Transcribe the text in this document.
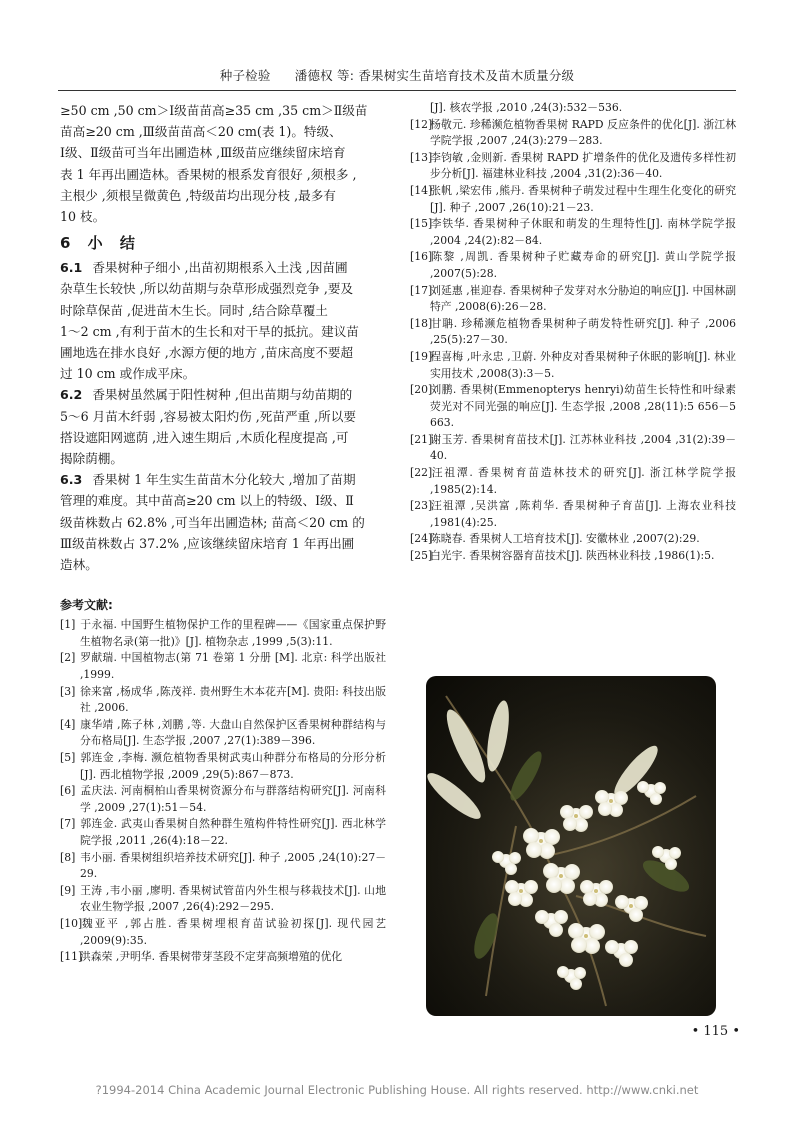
种子检验 潘德权 等: 香果树实生苗培育技术及苗木质量分级

≥50 cm ,50 cm＞Ⅰ级苗苗高≥35 cm ,35 cm＞Ⅱ级苗

苗高≥20 cm ,Ⅲ级苗苗高＜20 cm(表 1)。特级、

Ⅰ级、Ⅱ级苗可当年出圃造林 ,Ⅲ级苗应继续留床培育

表 1 年再出圃造林。香果树的根系发育很好 ,须根多 ,

主根少 ,须根呈微黄色 ,特级苗均出现分枝 ,最多有

10 枝。

6 小 结

6.1 香果树种子细小 ,出苗初期根系入土浅 ,因苗圃

杂草生长较快 ,所以幼苗期与杂草形成强烈竞争 ,要及

时除草保苗 ,促进苗木生长。同时 ,结合除草覆土

1～2 cm ,有利于苗木的生长和对干旱的抵抗。建议苗

圃地选在排水良好 ,水源方便的地方 ,苗床高度不要超

过 10 cm 或作成平床。

6.2 香果树虽然属于阳性树种 ,但出苗期与幼苗期的

5～6 月苗木纤弱 ,容易被太阳灼伤 ,死苗严重 ,所以要

搭设遮阳网遮荫 ,进入速生期后 ,木质化程度提高 ,可

揭除荫棚。

6.3 香果树 1 年生实生苗苗木分化较大 ,增加了苗期

管理的难度。其中苗高≥20 cm 以上的特级、Ⅰ级、Ⅱ

级苗株数占 62.8% ,可当年出圃造林; 苗高＜20 cm 的

Ⅲ级苗株数占 37.2% ,应该继续留床培育 1 年再出圃

造林。

参考文献:

[1] 于永福. 中国野生植物保护工作的里程碑——《国家重点保护野生植物名录(第一批)》[J]. 植物杂志 ,1999 ,5(3):11.

[2] 罗献瑞. 中国植物志(第 71 卷第 1 分册 [M]. 北京: 科学出版社 ,1999.

[3] 徐来富 ,杨成华 ,陈茂祥. 贵州野生木本花卉[M]. 贵阳: 科技出版社 ,2006.

[4] 康华靖 ,陈子林 ,刘鹏 ,等. 大盘山自然保护区香果树种群结构与分布格局[J]. 生态学报 ,2007 ,27(1):389－396.

[5] 郭连金 ,李梅. 濒危植物香果树武夷山种群分布格局的分形分析[J]. 西北植物学报 ,2009 ,29(5):867－873.

[6] 孟庆法. 河南桐柏山香果树资源分布与群落结构研究[J]. 河南科学 ,2009 ,27(1):51－54.

[7] 郭连金. 武夷山香果树自然种群生殖构件特性研究[J]. 西北林学院学报 ,2011 ,26(4):18－22.

[8] 韦小丽. 香果树组织培养技术研究[J]. 种子 ,2005 ,24(10):27－29.

[9] 王涛 ,韦小丽 ,廖明. 香果树试管苗内外生根与移栽技术[J]. 山地农业生物学报 ,2007 ,26(4):292－295.

[10]魏亚平 ,郭占胜. 香果树埋根育苗试验初探[J]. 现代园艺 ,2009(9):35.

[11]洪森荣 ,尹明华. 香果树带芽茎段不定芽高频增殖的优化

[J]. 核农学报 ,2010 ,24(3):532－536.

[12]杨敬元. 珍稀濒危植物香果树 RAPD 反应条件的优化[J]. 浙江林学院学报 ,2007 ,24(3):279－283.

[13]李钧敏 ,金则新. 香果树 RAPD 扩增条件的优化及遗传多样性初步分析[J]. 福建林业科技 ,2004 ,31(2):36－40.

[14]张帆 ,梁宏伟 ,熊丹. 香果树种子萌发过程中生理生化变化的研究[J]. 种子 ,2007 ,26(10):21－23.

[15]李铁华. 香果树种子休眠和萌发的生理特性[J]. 南林学院学报 ,2004 ,24(2):82－84.

[16]陈黎 ,周凯. 香果树种子贮藏寿命的研究[J]. 黄山学院学报 ,2007(5):28.

[17]刘延惠 ,崔迎春. 香果树种子发芽对水分胁迫的响应[J]. 中国林副特产 ,2008(6):26－28.

[18]甘聃. 珍稀濒危植物香果树种子萌发特性研究[J]. 种子 ,2006 ,25(5):27－30.

[19]程喜梅 ,叶永忠 ,卫蔚. 外种皮对香果树种子休眠的影响[J]. 林业实用技术 ,2008(3):3－5.

[20]刘鹏. 香果树(Emmenopterys henryi)幼苗生长特性和叶绿素荧光对不同光强的响应[J]. 生态学报 ,2008 ,28(11):5 656－5 663.

[21]谢玉芳. 香果树育苗技术[J]. 江苏林业科技 ,2004 ,31(2):39－40.

[22]汪祖潭. 香果树育苗造林技术的研究[J]. 浙江林学院学报 ,1985(2):14.

[23]汪祖潭 ,吴洪富 ,陈莉华. 香果树种子育苗[J]. 上海农业科技 ,1981(4):25.

[24]陈晓春. 香果树人工培育技术[J]. 安徽林业 ,2007(2):29.

[25]白光宇. 香果树容器育苗技术[J]. 陕西林业科技 ,1986(1):5.

• 115 •
?1994-2014 China Academic Journal Electronic Publishing House. All rights reserved. http://www.cnki.net
